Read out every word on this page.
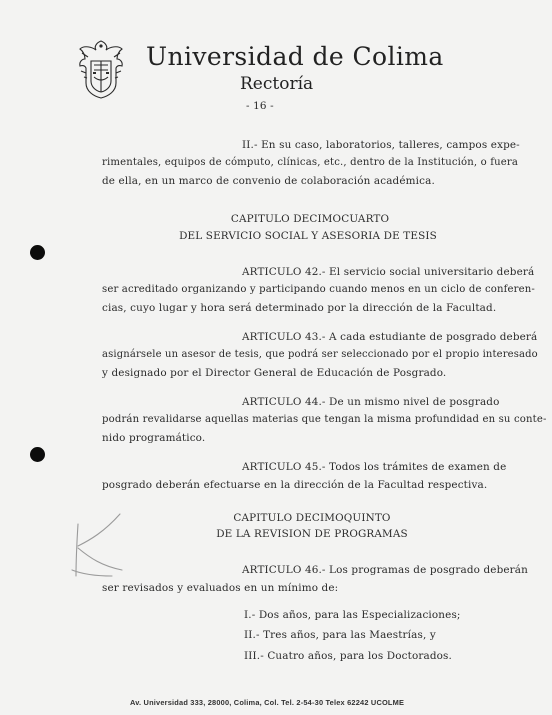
Universidad de Colima
Rectoría
- 16 -
II.- En su caso, laboratorios, talleres, campos expe-
rimentales, equipos de cómputo, clínicas, etc., dentro de la Institución, o fuera
de ella, en un marco de convenio de colaboración académica.
CAPITULO DECIMOCUARTO
DEL SERVICIO SOCIAL Y ASESORIA DE TESIS
ARTICULO 42.- El servicio social universitario deberá
ser acreditado organizando y participando cuando menos en un ciclo de conferen-
cias, cuyo lugar y hora será determinado por la dirección de la Facultad.
ARTICULO 43.- A cada estudiante de posgrado deberá
asignársele un asesor de tesis, que podrá ser seleccionado por el propio interesado
y designado por el Director General de Educación de Posgrado.
ARTICULO 44.- De un mismo nivel de posgrado
podrán revalidarse aquellas materias que tengan la misma profundidad en su conte-
nido programático.
ARTICULO 45.- Todos los trámites de examen de
posgrado deberán efectuarse en la dirección de la Facultad respectiva.
CAPITULO DECIMOQUINTO
DE LA REVISION DE PROGRAMAS
ARTICULO 46.- Los programas de posgrado deberán
ser revisados y evaluados en un mínimo de:
I.- Dos años, para las Especializaciones;
II.- Tres años, para las Maestrías, y
III.- Cuatro años, para los Doctorados.
Av. Universidad 333, 28000, Colima, Col. Tel. 2-54-30 Telex 62242 UCOLME
